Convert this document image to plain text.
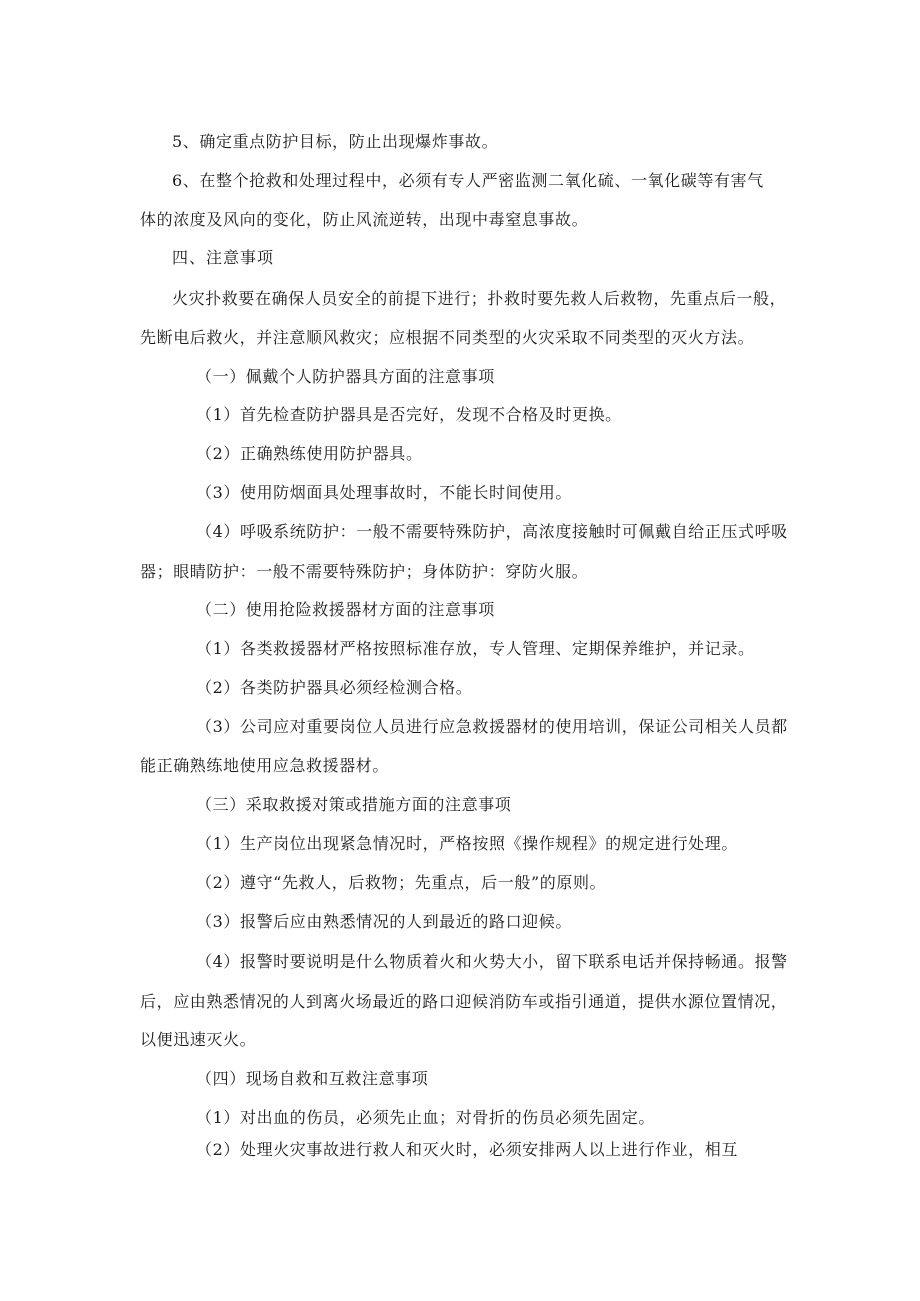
5、确定重点防护目标，防止出现爆炸事故。
6、在整个抢救和处理过程中，必须有专人严密监测二氧化硫、一氧化碳等有害气
体的浓度及风向的变化，防止风流逆转，出现中毒窒息事故。
四、注意事项
火灾扑救要在确保人员安全的前提下进行；扑救时要先救人后救物，先重点后一般，
先断电后救火，并注意顺风救灾；应根据不同类型的火灾采取不同类型的灭火方法。
（一）佩戴个人防护器具方面的注意事项
（1）首先检查防护器具是否完好，发现不合格及时更换。
（2）正确熟练使用防护器具。
（3）使用防烟面具处理事故时，不能长时间使用。
（4）呼吸系统防护：一般不需要特殊防护，高浓度接触时可佩戴自给正压式呼吸
器；眼睛防护：一般不需要特殊防护；身体防护：穿防火服。
（二）使用抢险救援器材方面的注意事项
（1）各类救援器材严格按照标准存放，专人管理、定期保养维护，并记录。
（2）各类防护器具必须经检测合格。
（3）公司应对重要岗位人员进行应急救援器材的使用培训，保证公司相关人员都
能正确熟练地使用应急救援器材。
（三）采取救援对策或措施方面的注意事项
（1）生产岗位出现紧急情况时，严格按照《操作规程》的规定进行处理。
（2）遵守“先救人，后救物；先重点，后一般”的原则。
（3）报警后应由熟悉情况的人到最近的路口迎候。
（4）报警时要说明是什么物质着火和火势大小，留下联系电话并保持畅通。报警
后，应由熟悉情况的人到离火场最近的路口迎候消防车或指引通道，提供水源位置情况，
以便迅速灭火。
（四）现场自救和互救注意事项
（1）对出血的伤员，必须先止血；对骨折的伤员必须先固定。
（2）处理火灾事故进行救人和灭火时，必须安排两人以上进行作业，相互
